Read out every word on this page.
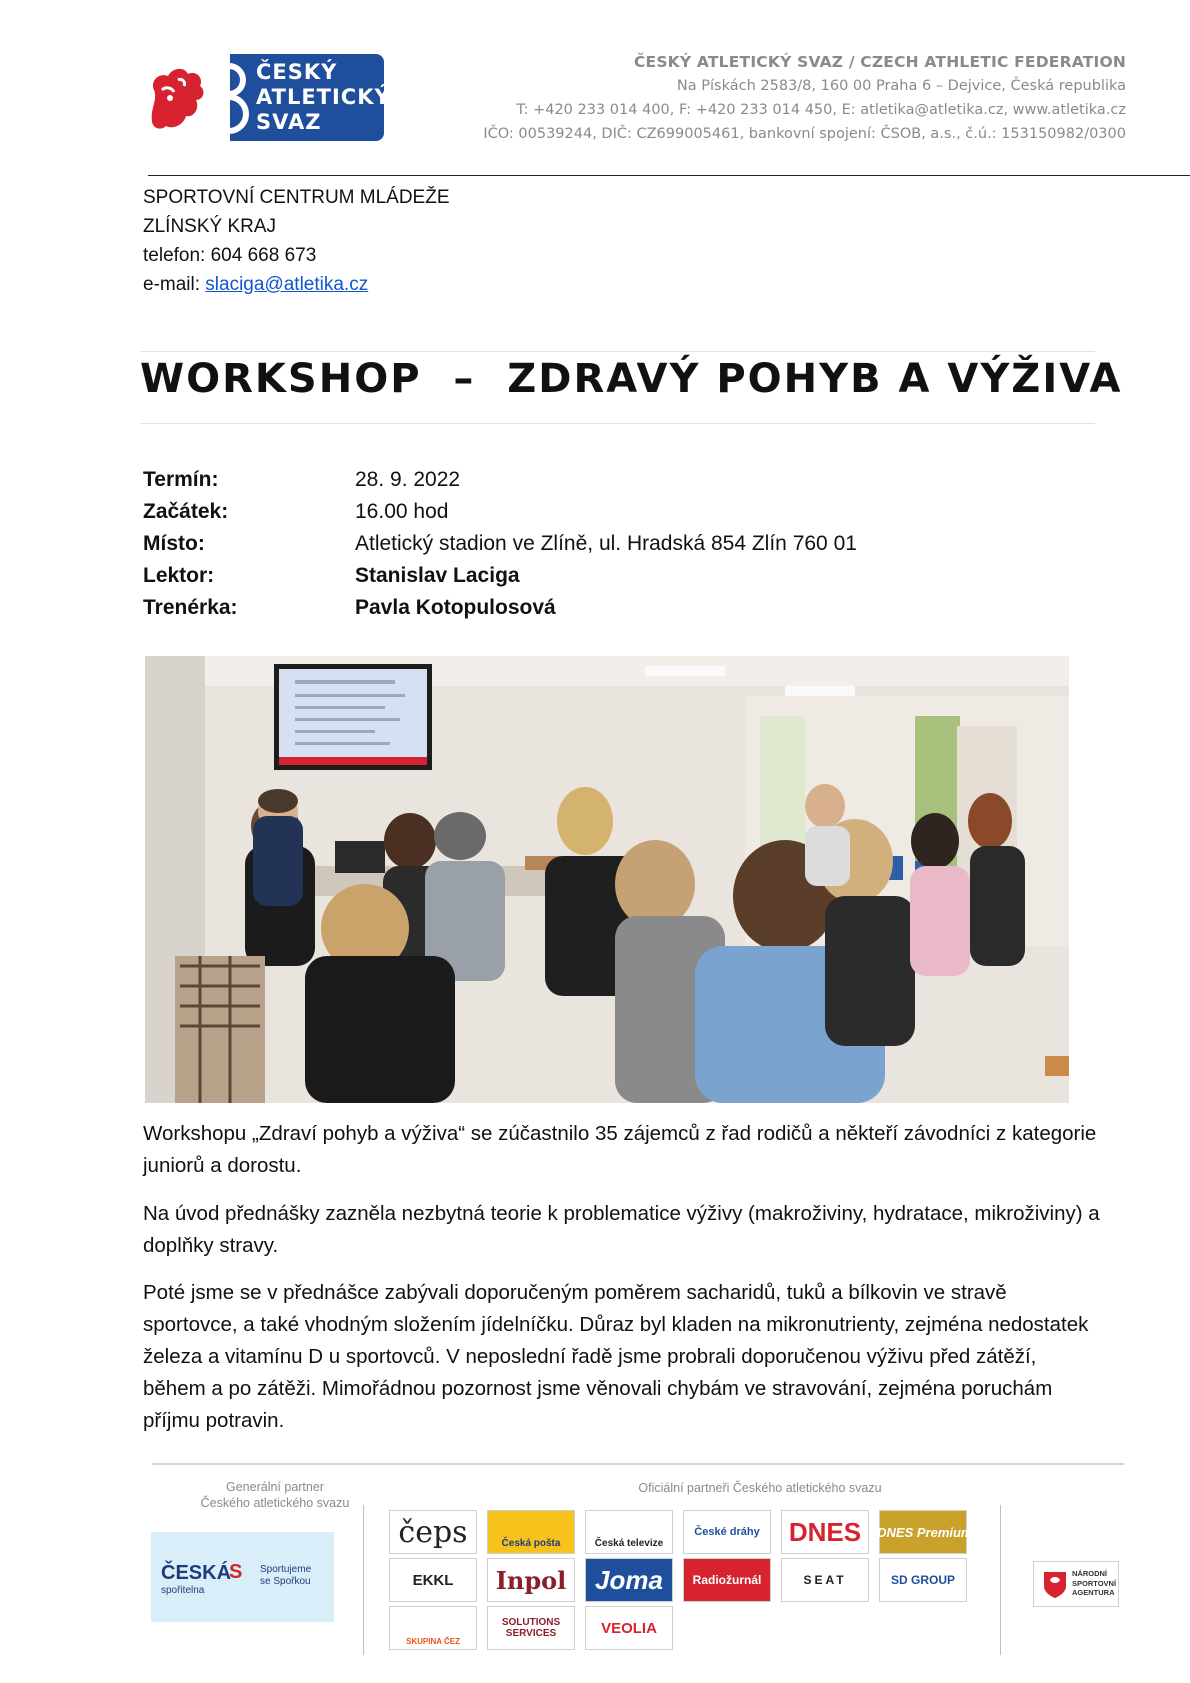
ČESKÝ
ATLETICKÝ
SVAZ
ČESKÝ ATLETICKÝ SVAZ / CZECH ATHLETIC FEDERATION
Na Pískách 2583/8, 160 00 Praha 6 – Dejvice, Česká republika
T: +420 233 014 400, F: +420 233 014 450, E: atletika@atletika.cz, www.atletika.cz
IČO: 00539244, DIČ: CZ699005461, bankovní spojení: ČSOB, a.s., č.ú.: 153150982/0300
SPORTOVNÍ CENTRUM MLÁDEŽE
ZLÍNSKÝ KRAJ
telefon: 604 668 673
e-mail: slaciga@atletika.cz
WORKSHOP  –  ZDRAVÝ POHYB A VÝŽIVA
Termín:	28. 9. 2022
Začátek:	16.00 hod
Místo:	Atletický stadion ve Zlíně, ul. Hradská 854 Zlín 760 01
Lektor:	Stanislav Laciga
Trenérka:	Pavla Kotopulosová

Workshopu „Zdraví pohyb a výživa“ se zúčastnilo 35 zájemců z řad rodičů a někteří závodníci z kategorie juniorů a dorostu.

Na úvod přednášky zazněla nezbytná teorie k problematice výživy (makroživiny, hydratace, mikroživiny) a doplňky stravy.

Poté jsme se v přednášce zabývali doporučeným poměrem sacharidů, tuků a bílkovin ve stravě sportovce, a také vhodným složením jídelníčku. Důraz byl kladen na mikronutrienty, zejména nedostatek železa a vitamínu D u sportovců. V neposlední řadě jsme probrali doporučenou výživu před zátěží, během a po zátěži. Mimořádnou pozornost jsme věnovali chybám ve stravování, zejména poruchám příjmu potravin.

Generální partner
Českého atletického svazu
Oficiální partneři Českého atletického svazu
ČESKÁ
S
spořitelna
Sportujeme
se Spořkou
čeps	Česká pošta	Česká televize
České dráhy	DNES iDNES Premium
EKKL	Inpol	Joma	Radiožurnál	SEAT	SD GROUP
SKUPINA ČEZ
SOLUTIONS SERVICES	VEOLIA
NÁRODNÍ
SPORTOVNÍ
AGENTURA
